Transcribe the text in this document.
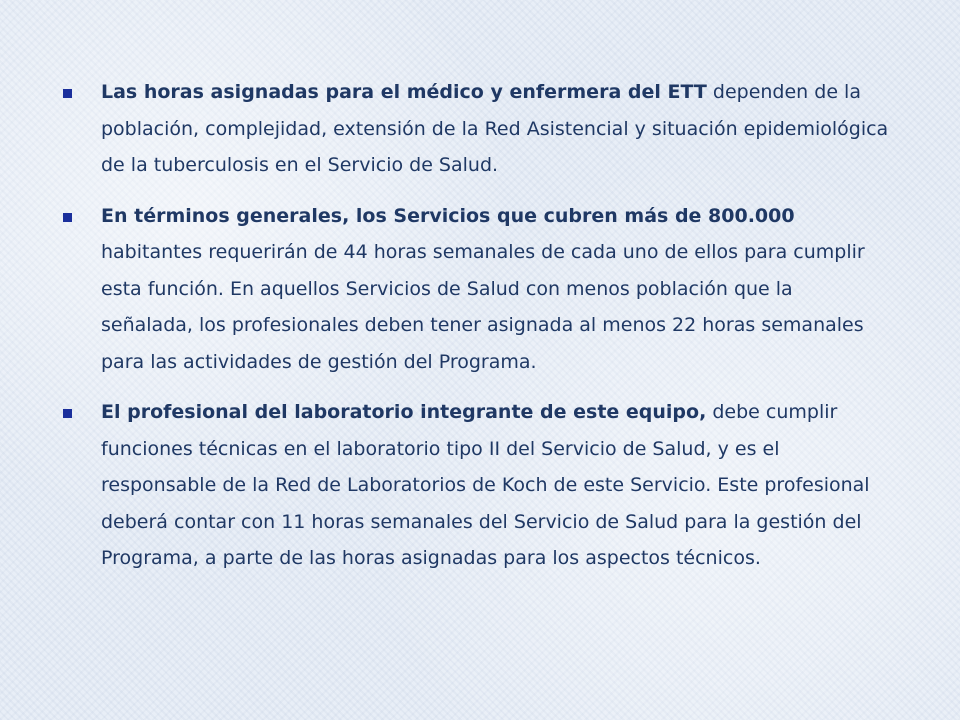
Las horas asignadas para el médico y enfermera del ETT dependen de la población, complejidad, extensión de la Red Asistencial y situación epidemiológica de la tuberculosis en el Servicio de Salud.
En términos generales, los Servicios que cubren más de 800.000 habitantes requerirán de 44 horas semanales de cada uno de ellos para cumplir esta función. En aquellos Servicios de Salud con menos población que la señalada, los profesionales deben tener asignada al menos 22 horas semanales para las actividades de gestión del Programa.
El profesional del laboratorio integrante de este equipo, debe cumplir funciones técnicas en el laboratorio tipo II del Servicio de Salud, y es el responsable de la Red de Laboratorios de Koch de este Servicio. Este profesional deberá contar con 11 horas semanales del Servicio de Salud para la gestión del Programa, a parte de las horas asignadas para los aspectos técnicos.
